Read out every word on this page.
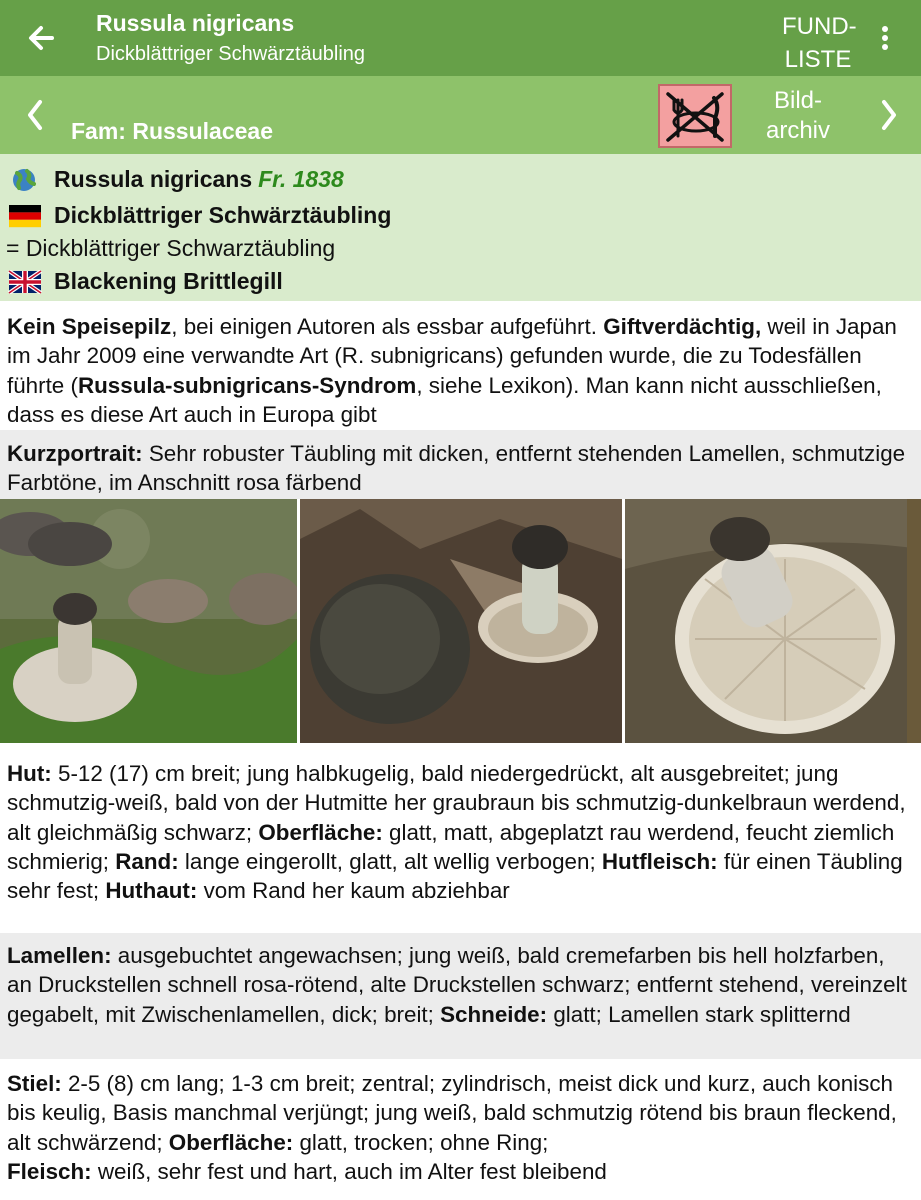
Russula nigricans
Dickblättriger Schwärztäubling
FUND-
LISTE
Fam: Russulaceae
Bild-
archiv
Russula nigricans Fr. 1838
Dickblättriger Schwärztäubling
= Dickblättriger Schwarztäubling
Blackening Brittlegill
Kein Speisepilz, bei einigen Autoren als essbar aufgeführt. Giftverdächtig, weil in Japan im Jahr 2009 eine verwandte Art (R. subnigricans) gefunden wurde, die zu Todesfällen führte (Russula-subnigricans-Syndrom, siehe Lexikon). Man kann nicht ausschließen, dass es diese Art auch in Europa gibt
Kurzportrait: Sehr robuster Täubling mit dicken, entfernt stehenden Lamellen, schmutzige Farbtöne, im Anschnitt rosa färbend
Hut: 5-12 (17) cm breit; jung halbkugelig, bald niedergedrückt, alt ausgebreitet; jung schmutzig-weiß, bald von der Hutmitte her graubraun bis schmutzig-dunkelbraun werdend, alt gleichmäßig schwarz; Oberfläche: glatt, matt, abgeplatzt rau werdend, feucht ziemlich schmierig; Rand: lange eingerollt, glatt, alt wellig verbogen; Hutfleisch: für einen Täubling sehr fest; Huthaut: vom Rand her kaum abziehbar
Lamellen: ausgebuchtet angewachsen; jung weiß, bald cremefarben bis hell holzfarben, an Druckstellen schnell rosa-rötend, alte Druckstellen schwarz; entfernt stehend, vereinzelt gegabelt, mit Zwischenlamellen, dick; breit; Schneide: glatt; Lamellen stark splitternd
Stiel: 2-5 (8) cm lang; 1-3 cm breit; zentral; zylindrisch, meist dick und kurz, auch konisch bis keulig, Basis manchmal verjüngt; jung weiß, bald schmutzig rötend bis braun fleckend, alt schwärzend; Oberfläche: glatt, trocken; ohne Ring;
Fleisch: weiß, sehr fest und hart, auch im Alter fest bleibend
